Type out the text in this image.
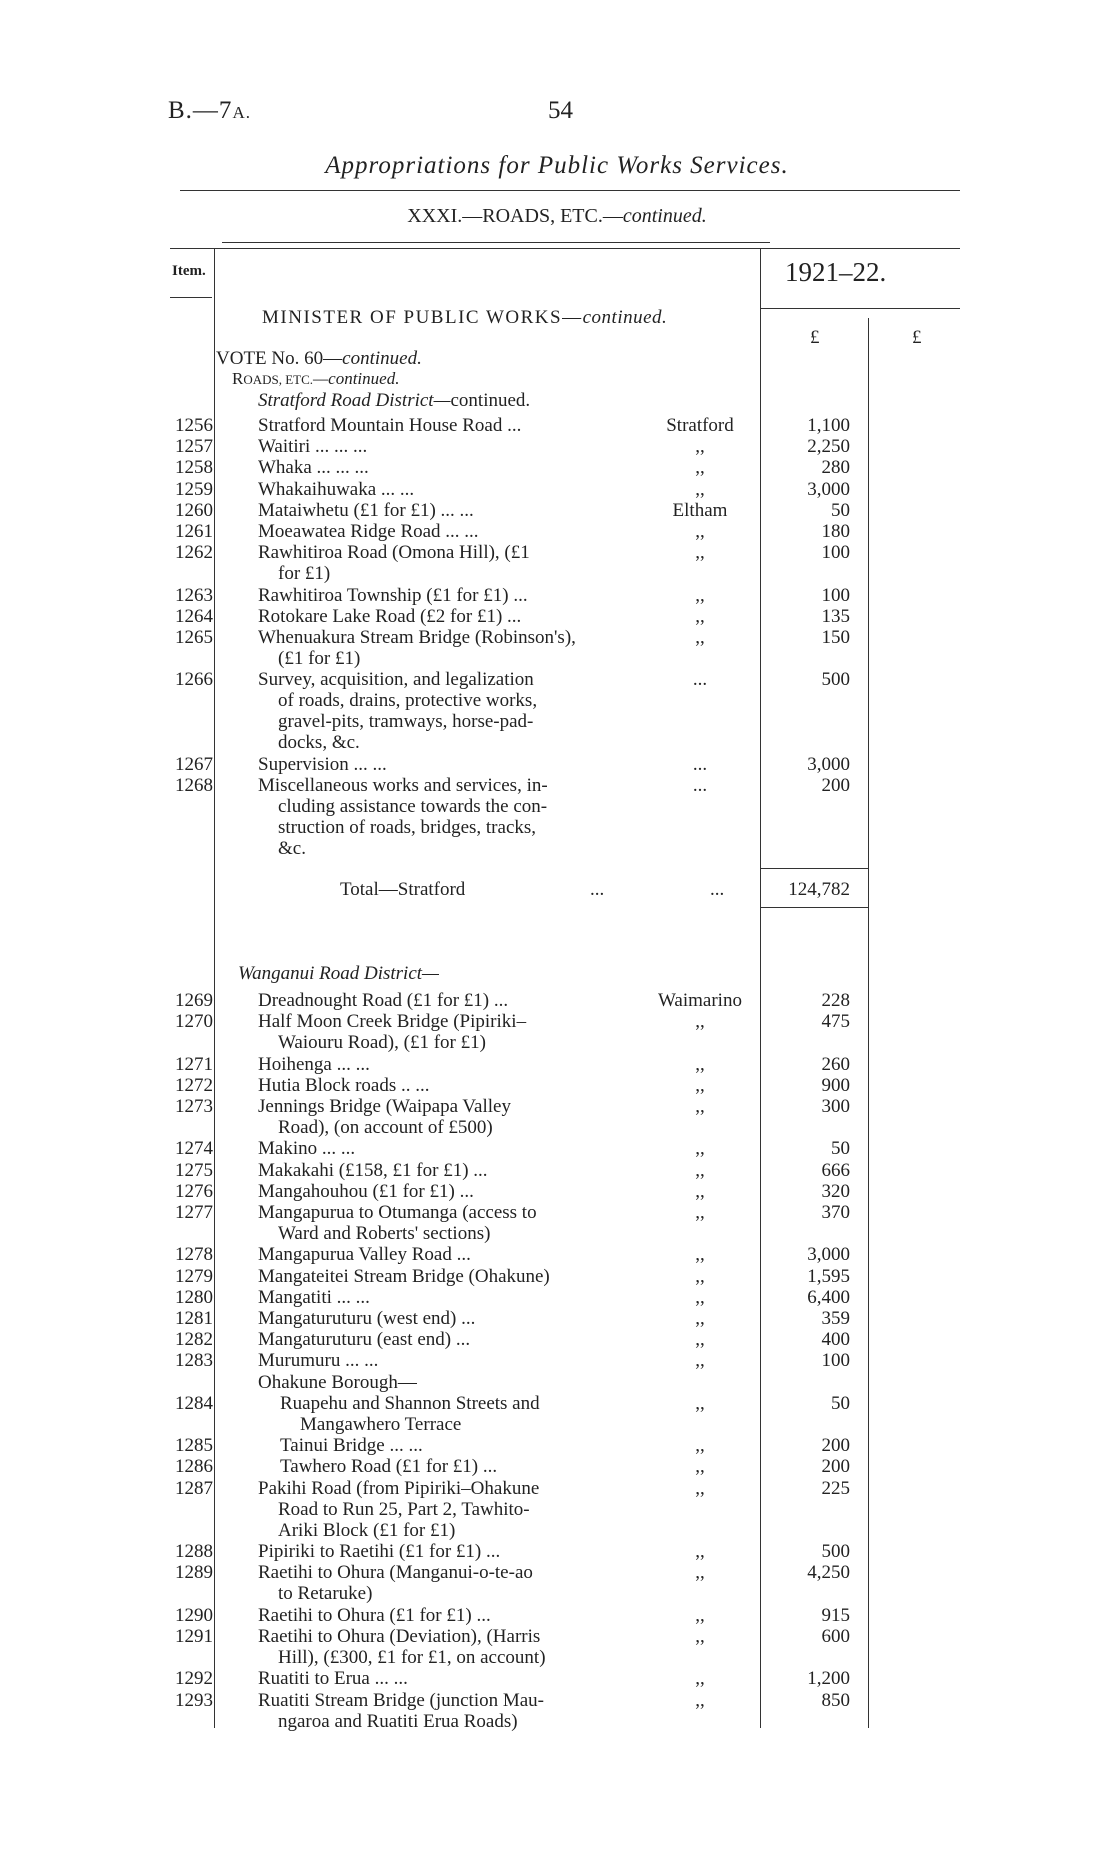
B.—7A.	54
Appropriations for Public Works Services.
XXXI.—ROADS, ETC.—continued.
Item.	1921–22.
£	£
MINISTER OF PUBLIC WORKS—continued.
VOTE No. 60—continued.
ROADS, ETC.—continued.
Stratford Road District—continued.
1256 Stratford Mountain House Road ...	Stratford	1,100
1257 Waitiri ... ... ...	,,	2,250
1258 Whaka ... ... ...	,,	280
1259 Whakaihuwaka ... ...	,,	3,000
1260 Mataiwhetu (£1 for £1) ... ...	Eltham	50
1261 Moeawatea Ridge Road ... ...	,,	180
1262 Rawhitiroa Road (Omona Hill), (£1
for £1)
,,	100
1263 Rawhitiroa Township (£1 for £1) ...	,,	100
1264 Rotokare Lake Road (£2 for £1) ...	,,	135
1265 Whenuakura Stream Bridge (Robinson's),
(£1 for £1)
,,	150
1266 Survey, acquisition, and legalization
of roads, drains, protective works,
gravel-pits, tramways, horse-pad-
docks, &c.
...	500
1267 Supervision ... ...	...	3,000
1268 Miscellaneous works and services, in-
cluding assistance towards the con-
struction of roads, bridges, tracks,
&c.
...	200
Total—Stratford	...	...	124,782
Wanganui Road District—
1269 Dreadnought Road (£1 for £1) ...	Waimarino	228
1270 Half Moon Creek Bridge (Pipiriki–
Waiouru Road), (£1 for £1)
,,	475
1271 Hoihenga ... ...	,,	260
1272 Hutia Block roads .. ...	,,	900
1273 Jennings Bridge (Waipapa Valley
Road), (on account of £500)
,,	300
1274 Makino ... ...	,,	50
1275 Makakahi (£158, £1 for £1) ...	,,	666
1276 Mangahouhou (£1 for £1) ...	,,	320
1277 Mangapurua to Otumanga (access to
Ward and Roberts' sections)
,,	370
1278 Mangapurua Valley Road ...	,,	3,000
1279 Mangateitei Stream Bridge (Ohakune)	,,	1,595
1280 Mangatiti ... ...	,,	6,400
1281 Mangaturuturu (west end) ...	,,	359
1282 Mangaturuturu (east end) ...	,,	400
1283 Murumuru ... ...	,,	100
Ohakune Borough—
1284	Ruapehu and Shannon Streets and
Mangawhero Terrace
,,	50
1285	Tainui Bridge ... ...	,,	200
1286	Tawhero Road (£1 for £1) ...	,,	200
1287 Pakihi Road (from Pipiriki–Ohakune
Road to Run 25, Part 2, Tawhito-
Ariki Block (£1 for £1)
,,	225
1288 Pipiriki to Raetihi (£1 for £1) ...	,,	500
1289 Raetihi to Ohura (Manganui-o-te-ao
to Retaruke)
,,	4,250
1290 Raetihi to Ohura (£1 for £1) ...	,,	915
1291 Raetihi to Ohura (Deviation), (Harris
Hill), (£300, £1 for £1, on account)
,,	600
1292 Ruatiti to Erua ... ...	,,	1,200
1293 Ruatiti Stream Bridge (junction Mau-
ngaroa and Ruatiti Erua Roads)
,,	850
